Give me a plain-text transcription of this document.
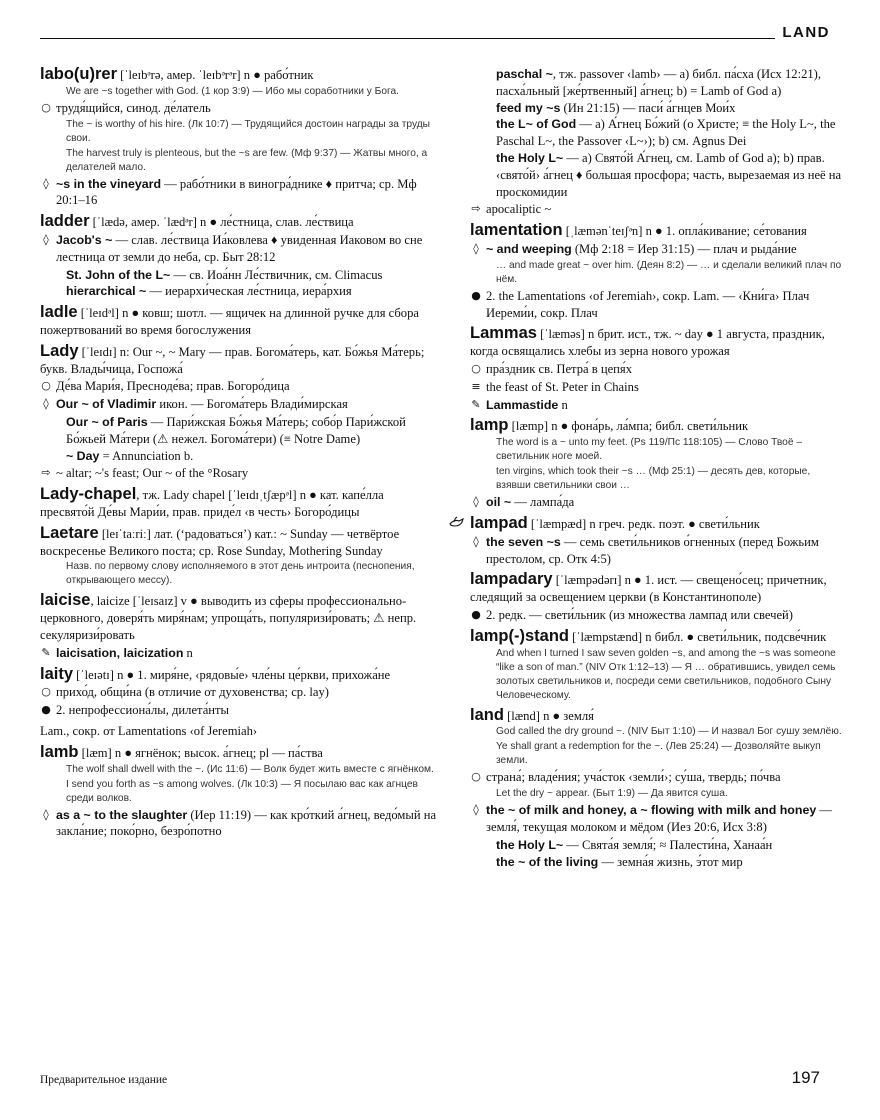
LAND
labo(u)rer [ˈleɪbᵊrə, амер. ˈleɪbᵊrᵊr] n ● рабо́тник
We are ~s together with God. (1 кор 3:9) — Ибо мы соработники у Бога.
○ трудя́щийся, синод. де́латель
The ~ is worthy of his hire. (Лк 10:7) — Трудящийся достоин награды за труды свои.
The harvest truly is plenteous, but the ~s are few. (Мф 9:37) — Жатвы много, а делателей мало.
◊ ~s in the vineyard — рабо́тники в виногра́днике ♦ притча; ср. Мф 20:1–16
ladder [ˈlædə, амер. ˈlædᵊr] n ● ле́стница, слав. ле́ствица
◊ Jacob's ~ — слав. ле́ствица Иа́ковлева ♦ увиденная Иаковом во сне лестница от земли до неба, ср. Быт 28:12
St. John of the L~ — св. Иоа́нн Ле́ствичник, см. Climacus
hierarchical ~ — иерархи́ческая ле́стница, иера́рхия
ladle [ˈleɪdᵊl] n ● ковш; шотл. — ящичек на длинной ручке для сбора пожертвований во время богослужения
Lady [ˈleɪdɪ] n: Our ~, ~ Mary — прав. Богома́терь, кат. Бо́жья Ма́терь; букв. Влады́чица, Госпожа́
○ Де́ва Мари́я, Пресноде́ва; прав. Богоро́дица
◊ Our ~ of Vladimir икон. — Богома́терь Влади́мирская
Our ~ of Paris — Пари́жская Бо́жья Ма́терь; собо́р Пари́жской Бо́жьей Ма́тери (⚠ нежел. Богома́тери) (≡ Notre Dame)
~ Day = Annunciation b.
⇨ ~ altar; ~'s feast; Our ~ of the °Rosary
Lady-chapel, тж. Lady chapel [ˈleɪdɪˌtʃæpᵊl] n ● кат. капе́лла пресвято́й Де́вы Мари́и, прав. приде́л ‹в честь› Богоро́дицы
Laetare [leɪˈtaːriː] лат. (‘радоваться’) кат.: ~ Sunday — четвёртое воскресенье Великого поста; ср. Rose Sunday, Mothering Sunday
Назв. по первому слову исполняемого в этот день интроита (песнопения, открывающего мессу).
laicise, laicize [ˈleɪsaɪz] v ● выводить из сферы профессионально-церковного, доверя́ть миря́нам; упроща́ть, популяризи́ровать; ⚠ непр. секуляризи́ровать
✎ laicisation, laicization n
laity [ˈleɪətɪ] n ● 1. миря́не, ‹рядовы́е› чле́ны це́ркви, прихожа́не
○ прихо́д, общи́на (в отличие от духовенства; ср. lay)
● 2. непрофессиона́лы, дилета́нты
Lam., сокр. от Lamentations ‹of Jeremiah›
lamb [læm] n ● ягнёнок; высок. а́гнец; pl — па́ства
The wolf shall dwell with the ~. (Ис 11:6) — Волк будет жить вместе с ягнёнком.
I send you forth as ~s among wolves. (Лк 10:3) — Я посылаю вас как агнцев среди волков.
◊ as a ~ to the slaughter (Иер 11:19) — как кро́ткий а́гнец, ведо́мый на закла́ние; поко́рно, безро́потно
paschal ~, тж. passover ‹lamb› — a) библ. па́сха (Исх 12:21), пасха́льный [же́ртвенный] а́гнец; b) = Lamb of God a)
feed my ~s (Ин 21:15) — паси́ а́гнцев Мои́х
the L~ of God — a) А́гнец Бо́жий (о Христе; ≡ the Holy L~, the Paschal L~, the Passover ‹L~›); b) см. Agnus Dei
the Holy L~ — a) Свято́й А́гнец, см. Lamb of God a); b) прав. ‹свято́й› а́гнец ♦ большая просфора; часть, вырезаемая из неё на проскомидии
⇨ apocaliptic ~
lamentation [ˌlæmənˈteɪʃᵊn] n ● 1. опла́кивание; се́тования
◊ ~ and weeping (Мф 2:18 = Иер 31:15) — плач и рыда́ние
… and made great ~ over him. (Деян 8:2) — … и сделали великий плач по нём.
● 2. the Lamentations ‹of Jeremiah›, сокр. Lam. — ‹Кни́га› Плач Иереми́и, сокр. Плач
Lammas [ˈlæməs] n брит. ист., тж. ~ day ● 1 августа, праздник, когда освящались хлебы из зерна нового урожая
○ пра́здник св. Петра́ в цепя́х
≡ the feast of St. Peter in Chains
✎ Lammastide n
lamp [læmp] n ● фона́рь, ла́мпа; библ. свети́льник
The word is a ~ unto my feet. (Ps 119/Пс 118:105) — Слово Твоё – светильник ноге моей.
ten virgins, which took their ~s … (Мф 25:1) — десять дев, которые, взявши светильники свои …
◊ oil ~ — лампа́да
lampad [ˈlæmpæd] n греч. редк. поэт. ● свети́льник
◊ the seven ~s — семь свети́льников о́гненных (перед Божьим престолом, ср. Отк 4:5)
lampadary [ˈlæmpədərɪ] n ● 1. ист. — свещено́сец; причетник, следящий за освещением церкви (в Константинополе)
● 2. редк. — свети́льник (из множества лампад или свечей)
lamp(-)stand [ˈlæmpstænd] n библ. ● свети́льник, подсве́чник
And when I turned I saw seven golden ~s, and among the ~s was someone “like a son of man.” (NIV Отк 1:12–13) — Я … обратившись, увидел семь золотых светильников и, посреди семи светильников, подобного Сыну Человеческому.
land [lænd] n ● земля́
God called the dry ground ~. (NIV Быт 1:10) — И назвал Бог сушу землёю.
Ye shall grant a redemption for the ~. (Лев 25:24) — Дозволяйте выкуп земли.
○ страна́; владе́ния; уча́сток ‹земли́›; су́ша, твердь; по́чва
Let the dry ~ appear. (Быт 1:9) — Да явится суша.
◊ the ~ of milk and honey, a ~ flowing with milk and honey — земля́, текущая молоком и мёдом (Иез 20:6, Исх 3:8)
the Holy L~ — Свята́я земля́; ≈ Палести́на, Ханаа́н
the ~ of the living — земна́я жизнь, э́тот мир
Предварительное издание	197
